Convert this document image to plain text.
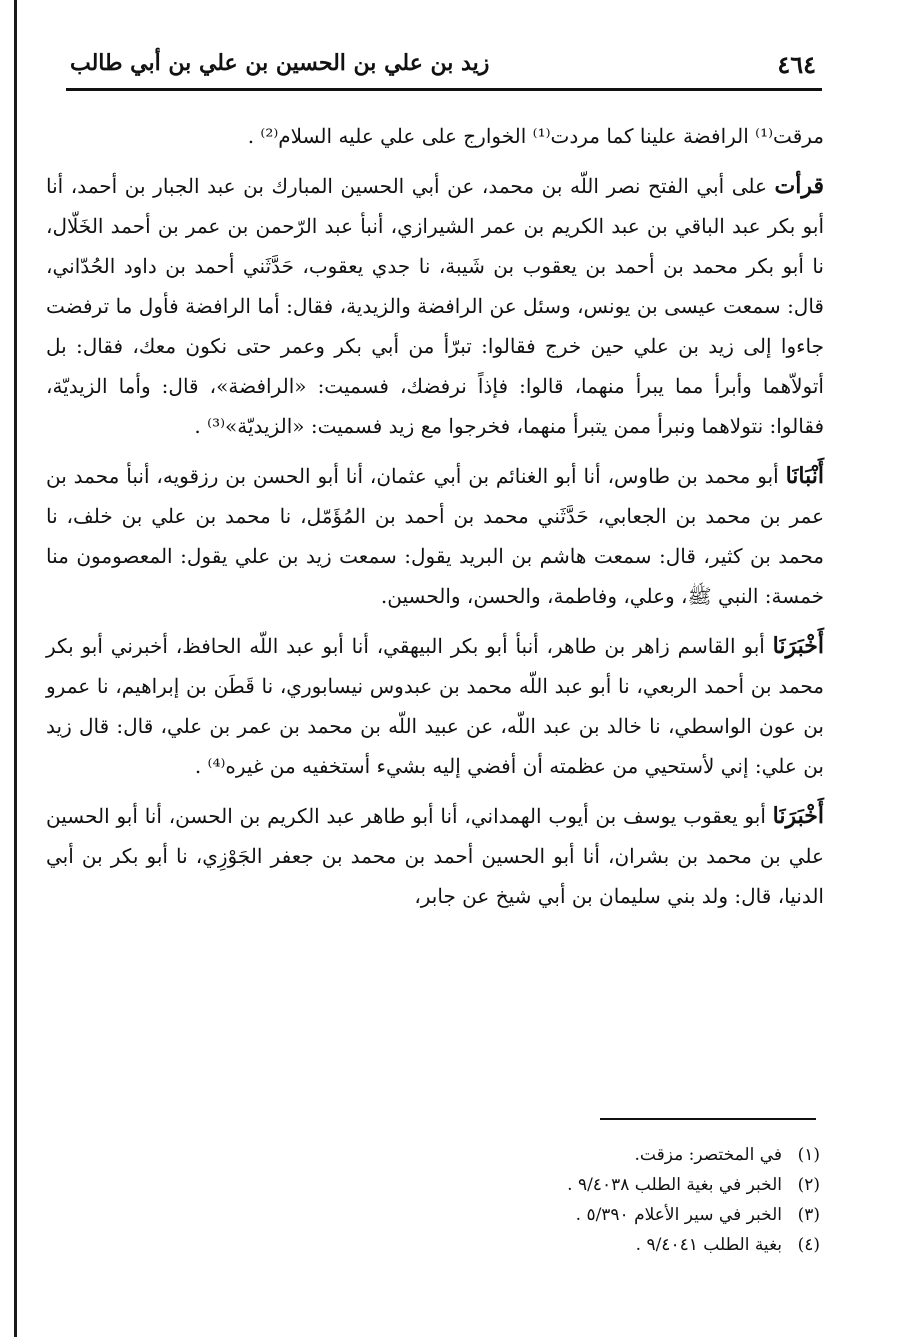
٤٦٤
زيد بن علي بن الحسين بن علي بن أبي طالب

مرقت⁽¹⁾ الرافضة علينا كما مردت⁽¹⁾ الخوارج على علي عليه السلام⁽²⁾ .

قرأت على أبي الفتح نصر اللّه بن محمد، عن أبي الحسين المبارك بن عبد الجبار بن أحمد، أنا أبو بكر عبد الباقي بن عبد الكريم بن عمر الشيرازي، أنبأ عبد الرّحمن بن عمر بن أحمد الخَلّال، نا أبو بكر محمد بن أحمد بن يعقوب بن شَيبة، نا جدي يعقوب، حَدَّثَني أحمد بن داود الحُدّاني، قال: سمعت عيسى بن يونس، وسئل عن الرافضة والزيدية، فقال: أما الرافضة فأول ما ترفضت جاءوا إلى زيد بن علي حين خرج فقالوا: تبرّأ من أبي بكر وعمر حتى نكون معك، فقال: بل أتولاّهما وأبرأ مما يبرأ منهما، قالوا: فإذاً نرفضك، فسميت: «الرافضة»، قال: وأما الزيديّة، فقالوا: نتولاهما ونبرأ ممن يتبرأ منهما، فخرجوا مع زيد فسميت: «الزيديّة»⁽³⁾ .

أَنْبَانَا أبو محمد بن طاوس، أنا أبو الغنائم بن أبي عثمان، أنا أبو الحسن بن رزقويه، أنبأ محمد بن عمر بن محمد بن الجعابي، حَدَّثَني محمد بن أحمد بن المُؤَمّل، نا محمد بن علي بن خلف، نا محمد بن كثير، قال: سمعت هاشم بن البريد يقول: سمعت زيد بن علي يقول: المعصومون منا خمسة: النبي ﷺ، وعلي، وفاطمة، والحسن، والحسين.

أَخْبَرَنَا أبو القاسم زاهر بن طاهر، أنبأ أبو بكر البيهقي، أنا أبو عبد اللّه الحافظ، أخبرني أبو بكر محمد بن أحمد الربعي، نا أبو عبد اللّه محمد بن عبدوس نيسابوري، نا قَطَن بن إبراهيم، نا عمرو بن عون الواسطي، نا خالد بن عبد اللّه، عن عبيد اللّه بن محمد بن عمر بن علي، قال: قال زيد بن علي: إني لأستحيي من عظمته أن أفضي إليه بشيء أستخفيه من غيره⁽⁴⁾ .

أَخْبَرَنَا أبو يعقوب يوسف بن أيوب الهمداني، أنا أبو طاهر عبد الكريم بن الحسن، أنا أبو الحسين علي بن محمد بن بشران، أنا أبو الحسين أحمد بن محمد بن جعفر الجَوْزِي، نا أبو بكر بن أبي الدنيا، قال: ولد بني سليمان بن أبي شيخ عن جابر،

(١)في المختصر: مزقت.
(٢)الخبر في بغية الطلب ٩/٤٠٣٨ .
(٣)الخبر في سير الأعلام ٥/٣٩٠ .
(٤)بغية الطلب ٩/٤٠٤١ .
